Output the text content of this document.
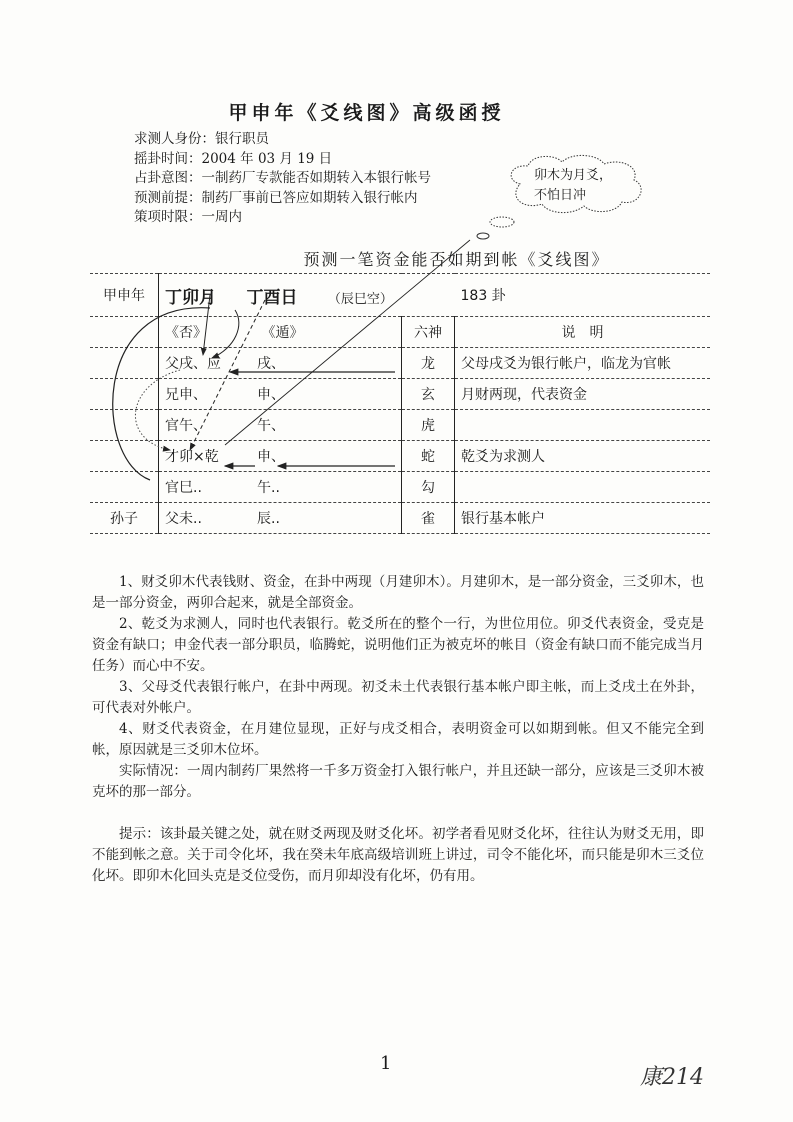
甲申年《爻线图》高级函授
求测人身份：银行职员
摇卦时间：2004 年 03 月 19 日
占卦意图：一制药厂专款能否如期转入本银行帐号
预测前提：制药厂事前已答应如期转入银行帐内
策项时限：一周内
卯木为月爻，
不怕日冲
预测一笔资金能否如期到帐《爻线图》
甲申年	丁卯月 丁酉日 （辰巳空）		183 卦
	《否》 《遁》	六神	说　明
	父戌、应 戌、	龙	父母戌爻为银行帐户，临龙为官帐
	兄申、 申、	玄	月财两现，代表资金
	官午、 午、	虎	
	才卯×乾 申、	蛇	乾爻为求测人
	官巳.. 午..	勾	
孙子	父未.. 辰..	雀	银行基本帐户

1、财爻卯木代表钱财、资金，在卦中两现（月建卯木）。月建卯木，是一部分资金，三爻卯木，也是一部分资金，两卯合起来，就是全部资金。

2、乾爻为求测人，同时也代表银行。乾爻所在的整个一行，为世位用位。卯爻代表资金，受克是资金有缺口；申金代表一部分职员，临腾蛇，说明他们正为被克坏的帐目（资金有缺口而不能完成当月任务）而心中不安。

3、父母爻代表银行帐户，在卦中两现。初爻未土代表银行基本帐户即主帐，而上爻戌土在外卦，可代表对外帐户。

4、财爻代表资金，在月建位显现，正好与戌爻相合，表明资金可以如期到帐。但又不能完全到帐，原因就是三爻卯木位坏。

实际情况：一周内制药厂果然将一千多万资金打入银行帐户，并且还缺一部分，应该是三爻卯木被克坏的那一部分。

提示：该卦最关键之处，就在财爻两现及财爻化坏。初学者看见财爻化坏，往往认为财爻无用，即不能到帐之意。关于司令化坏，我在癸未年底高级培训班上讲过，司令不能化坏，而只能是卯木三爻位化坏。即卯木化回头克是爻位受伤，而月卯却没有化坏，仍有用。

1
康214
